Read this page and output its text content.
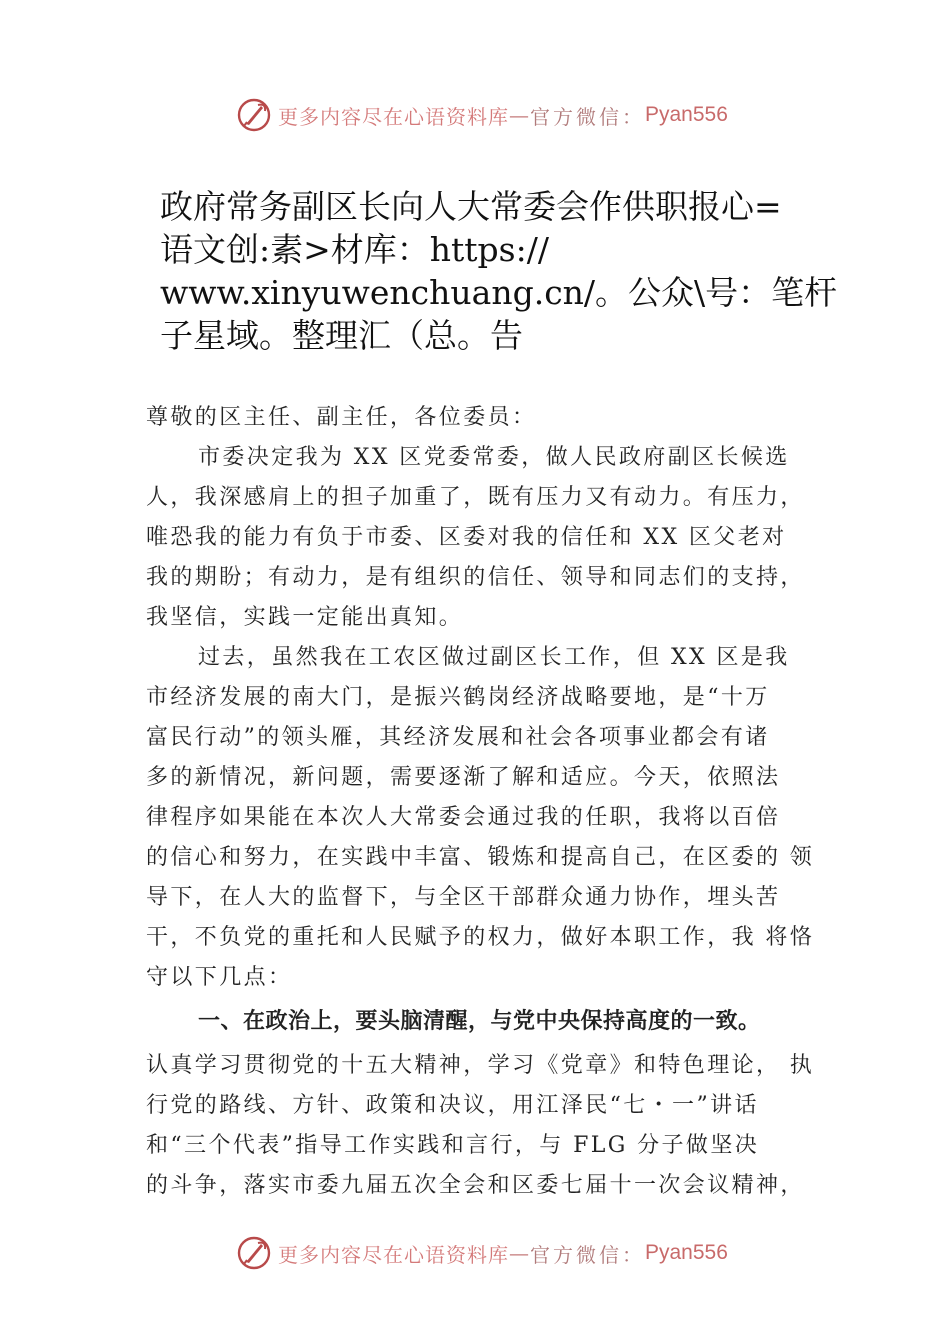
更多内容尽在心语资料库 — 官方微信： Pyan556
政府常务副区长向人大常委会作供职报心=
语文创:素>材库：https://
www.xinyuwenchuang.cn/。公众\号：笔杆
子星域。整理汇（总。告
尊敬的区主任、副主任，各位委员：
市委决定我为 XX 区党委常委，做人民政府副区长候选
人，我深感肩上的担子加重了，既有压力又有动力。有压力，
唯恐我的能力有负于市委、区委对我的信任和 XX 区父老对
我的期盼；有动力，是有组织的信任、领导和同志们的支持，
我坚信，实践一定能出真知。
过去，虽然我在工农区做过副区长工作，但 XX 区是我
市经济发展的南大门，是振兴鹤岗经济战略要地，是“十万
富民行动”的领头雁，其经济发展和社会各项事业都会有诸
多的新情况，新问题，需要逐渐了解和适应。今天，依照法
律程序如果能在本次人大常委会通过我的任职，我将以百倍
的信心和努力，在实践中丰富、锻炼和提高自己，在区委的 领
导下，在人大的监督下，与全区干部群众通力协作，埋头苦
干，不负党的重托和人民赋予的权力，做好本职工作，我 将恪
守以下几点：
一、在政治上，要头脑清醒，与党中央保持高度的一致。
认真学习贯彻党的十五大精神，学习《党章》和特色理论， 执
行党的路线、方针、政策和决议，用江泽民“七・一”讲话
和“三个代表”指导工作实践和言行，与 FLG 分子做坚决
的斗争，落实市委九届五次全会和区委七届十一次会议精神，
更多内容尽在心语资料库 — 官方微信： Pyan556
